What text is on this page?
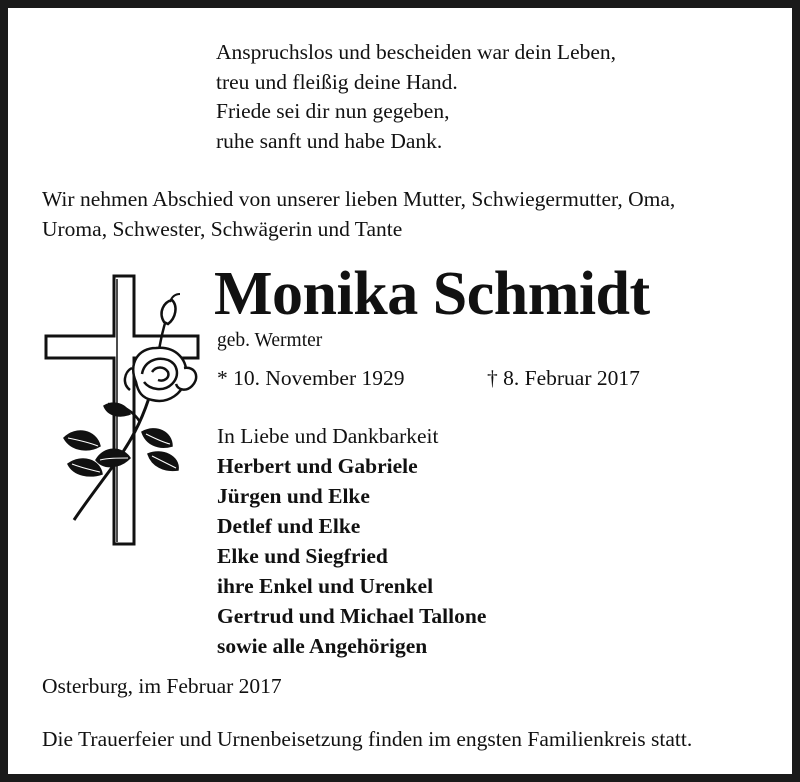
Anspruchslos und bescheiden war dein Leben,
treu und fleißig deine Hand.
Friede sei dir nun gegeben,
ruhe sanft und habe Dank.
Wir nehmen Abschied von unserer lieben Mutter, Schwiegermutter, Oma,
Uroma, Schwester, Schwägerin und Tante
Monika Schmidt
geb. Wermter
* 10. November 1929	† 8. Februar 2017
In Liebe und Dankbarkeit
Herbert und Gabriele
Jürgen und Elke
Detlef und Elke
Elke und Siegfried
ihre Enkel und Urenkel
Gertrud und Michael Tallone
sowie alle Angehörigen
Osterburg, im Februar 2017
Die Trauerfeier und Urnenbeisetzung finden im engsten Familienkreis statt.
